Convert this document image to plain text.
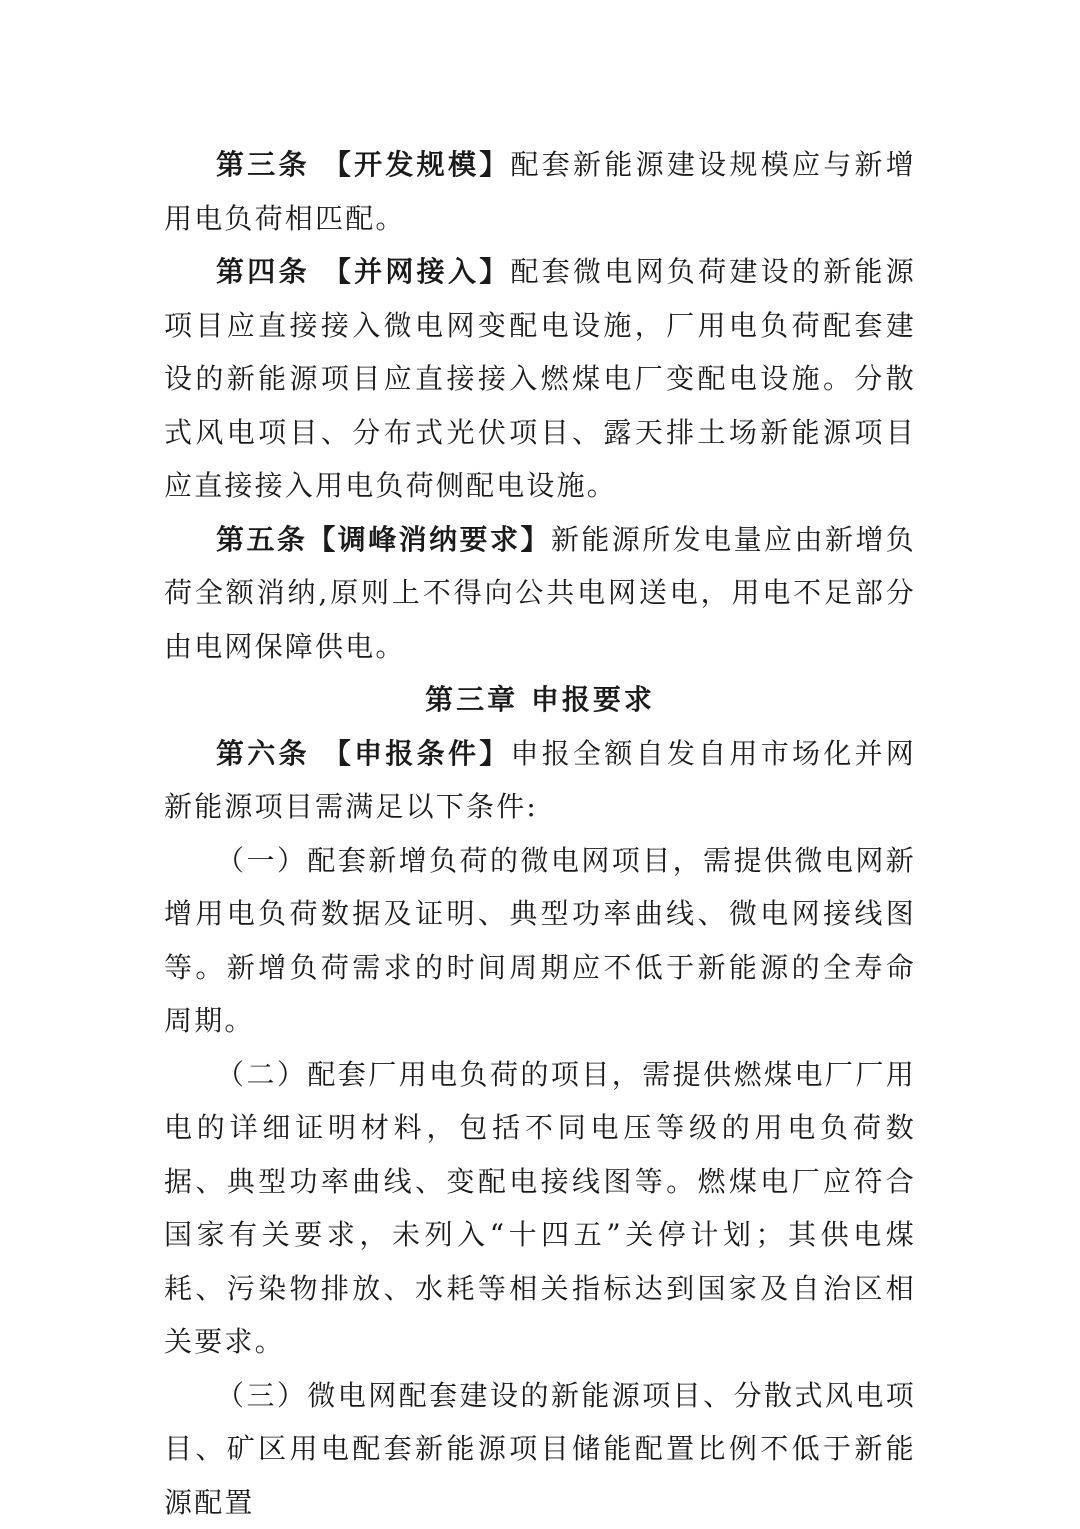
第三条 【开发规模】配套新能源建设规模应与新增用电负荷相匹配。

第四条 【并网接入】配套微电网负荷建设的新能源项目应直接接入微电网变配电设施，厂用电负荷配套建设的新能源项目应直接接入燃煤电厂变配电设施。分散式风电项目、分布式光伏项目、露天排土场新能源项目应直接接入用电负荷侧配电设施。

第五条【调峰消纳要求】新能源所发电量应由新增负荷全额消纳,原则上不得向公共电网送电，用电不足部分由电网保障供电。

第三章 申报要求

第六条 【申报条件】申报全额自发自用市场化并网新能源项目需满足以下条件:

（一）配套新增负荷的微电网项目，需提供微电网新增用电负荷数据及证明、典型功率曲线、微电网接线图等。新增负荷需求的时间周期应不低于新能源的全寿命周期。

（二）配套厂用电负荷的项目，需提供燃煤电厂厂用电的详细证明材料，包括不同电压等级的用电负荷数据、典型功率曲线、变配电接线图等。燃煤电厂应符合国家有关要求，未列入“十四五”关停计划；其供电煤耗、污染物排放、水耗等相关指标达到国家及自治区相关要求。

（三）微电网配套建设的新能源项目、分散式风电项目、矿区用电配套新能源项目储能配置比例不低于新能源配置
